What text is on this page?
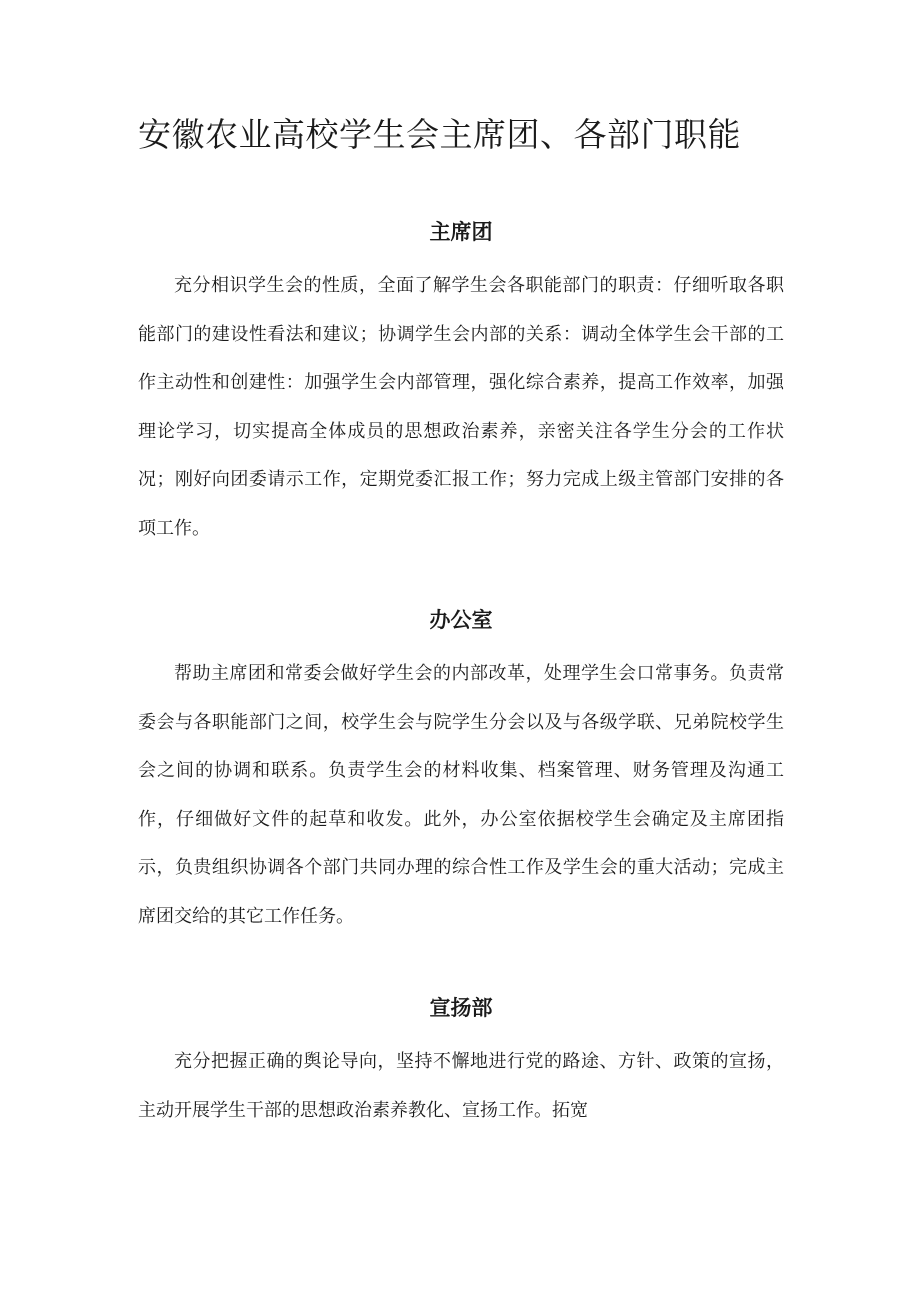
安徽农业高校学生会主席团、各部门职能
主席团

充分相识学生会的性质，全面了解学生会各职能部门的职责：仔细听取各职能部门的建设性看法和建议；协调学生会内部的关系：调动全体学生会干部的工作主动性和创建性：加强学生会内部管理，强化综合素养，提高工作效率，加强理论学习，切实提高全体成员的思想政治素养，亲密关注各学生分会的工作状况；刚好向团委请示工作，定期党委汇报工作；努力完成上级主管部门安排的各项工作。

办公室

帮助主席团和常委会做好学生会的内部改革，处理学生会口常事务。负责常委会与各职能部门之间，校学生会与院学生分会以及与各级学联、兄弟院校学生会之间的协调和联系。负责学生会的材料收集、档案管理、财务管理及沟通工作，仔细做好文件的起草和收发。此外，办公室依据校学生会确定及主席团指示，负贵组织协调各个部门共同办理的综合性工作及学生会的重大活动；完成主席团交给的其它工作任务。

宣扬部

充分把握正确的舆论导向，坚持不懈地进行党的路途、方针、政策的宣扬，主动开展学生干部的思想政治素养教化、宣扬工作。拓宽
